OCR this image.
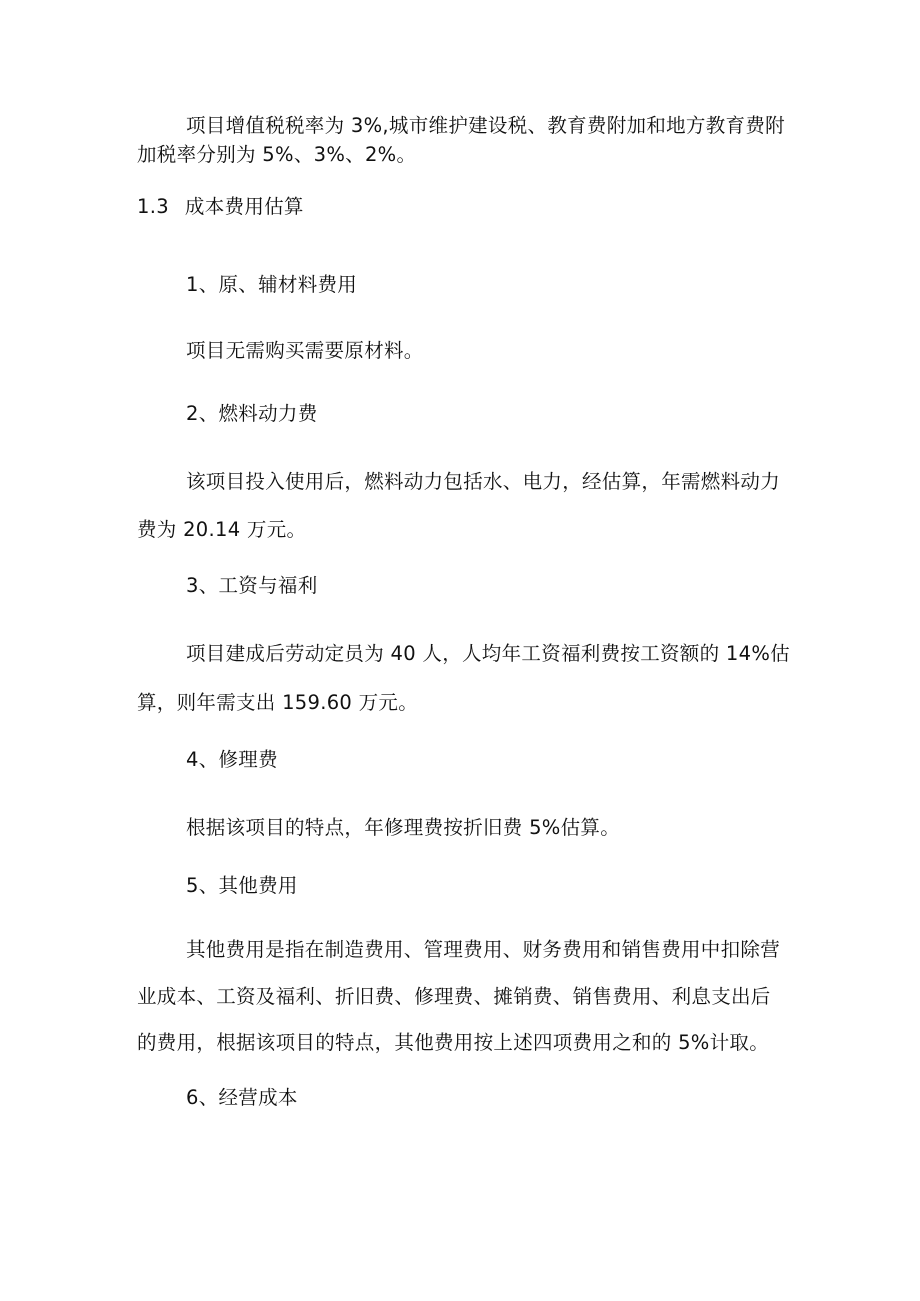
项目增值税税率为 3%,城市维护建设税、教育费附加和地方教育费附
加税率分别为 5%、3%、2%。
1.3 成本费用估算
1、原、辅材料费用
项目无需购买需要原材料。
2、燃料动力费
该项目投入使用后，燃料动力包括水、电力，经估算，年需燃料动力
费为 20.14 万元。
3、工资与福利
项目建成后劳动定员为 40 人，人均年工资福利费按工资额的 14%估
算，则年需支出 159.60 万元。
4、修理费
根据该项目的特点，年修理费按折旧费 5%估算。
5、其他费用
其他费用是指在制造费用、管理费用、财务费用和销售费用中扣除营
业成本、工资及福利、折旧费、修理费、摊销费、销售费用、利息支出后
的费用，根据该项目的特点，其他费用按上述四项费用之和的 5%计取。
6、经营成本
